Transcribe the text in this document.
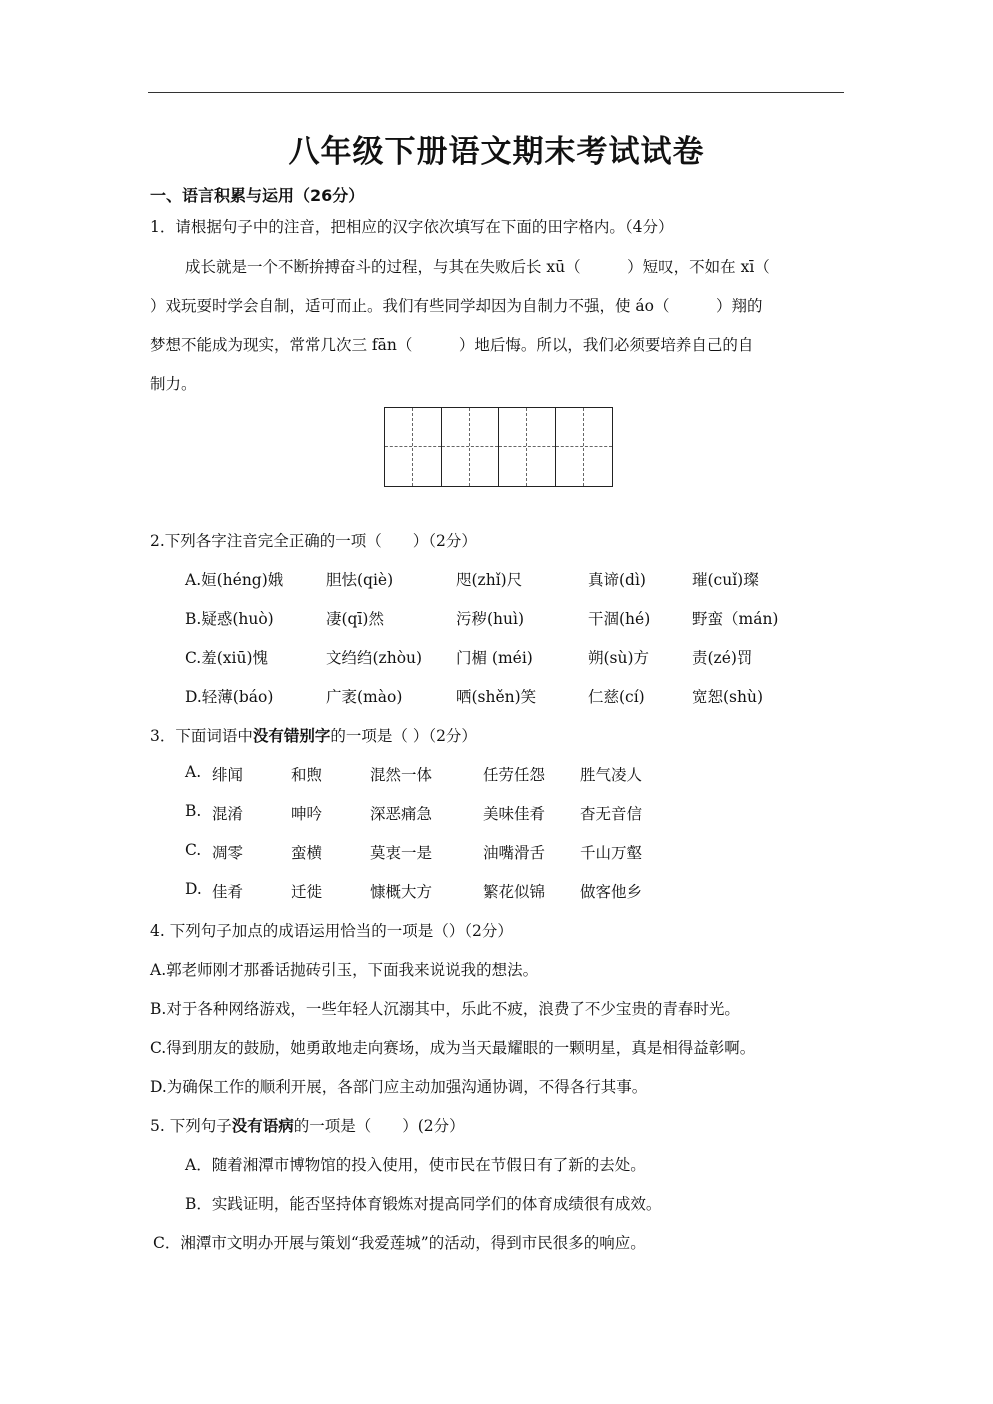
八年级下册语文期末考试试卷
一、语言积累与运用（26分）
1．请根据句子中的注音，把相应的汉字依次填写在下面的田字格内。（4分）
成长就是一个不断拚搏奋斗的过程，与其在失败后长 xū（　　　）短叹，不如在 xī（
）戏玩耍时学会自制，适可而止。我们有些同学却因为自制力不强，使 áo（　　　）翔的
梦想不能成为现实，常常几次三 fān（　　　）地后悔。所以，我们必须要培养自己的自
制力。
2.下列各字注音完全正确的一项（　　）（2分）
A.姮(héng)娥	胆怯(qiè)	咫(zhǐ)尺	真谛(dì)	璀(cuǐ)璨
B.疑惑(huò)	凄(qī)然	污秽(huì)	干涸(hé)	野蛮（mán)
C.羞(xiū)愧	文绉绉(zhòu) 门楣 (méi)	朔(sù)方	责(zé)罚
D.轻薄(báo)	广袤(mào)	哂(shěn)笑	仁慈(cí)	宽恕(shù)
3．下面词语中没有错别字的一项是（ ）（2分）
A. 绯闻	和煦	混然一体	任劳任怨 胜气凌人
B. 混淆	呻吟	深恶痛急	美味佳肴 杳无音信
C. 凋零	蛮横	莫衷一是	油嘴滑舌 千山万壑
D. 佳肴	迁徙	慷概大方	繁花似锦 做客他乡
4. 下列句子加点的成语运用恰当的一项是（）（2分）
A.郭老师刚才那番话抛砖引玉，下面我来说说我的想法。
B.对于各种网络游戏，一些年轻人沉溺其中，乐此不疲，浪费了不少宝贵的青春时光。
C.得到朋友的鼓励，她勇敢地走向赛场，成为当天最耀眼的一颗明星，真是相得益彰啊。
D.为确保工作的顺利开展，各部门应主动加强沟通协调，不得各行其事。
5. 下列句子没有语病的一项是（　　）(2分）
A．随着湘潭市博物馆的投入使用，使市民在节假日有了新的去处。
B．实践证明，能否坚持体育锻炼对提高同学们的体育成绩很有成效。
C．湘潭市文明办开展与策划“我爱莲城”的活动，得到市民很多的响应。
